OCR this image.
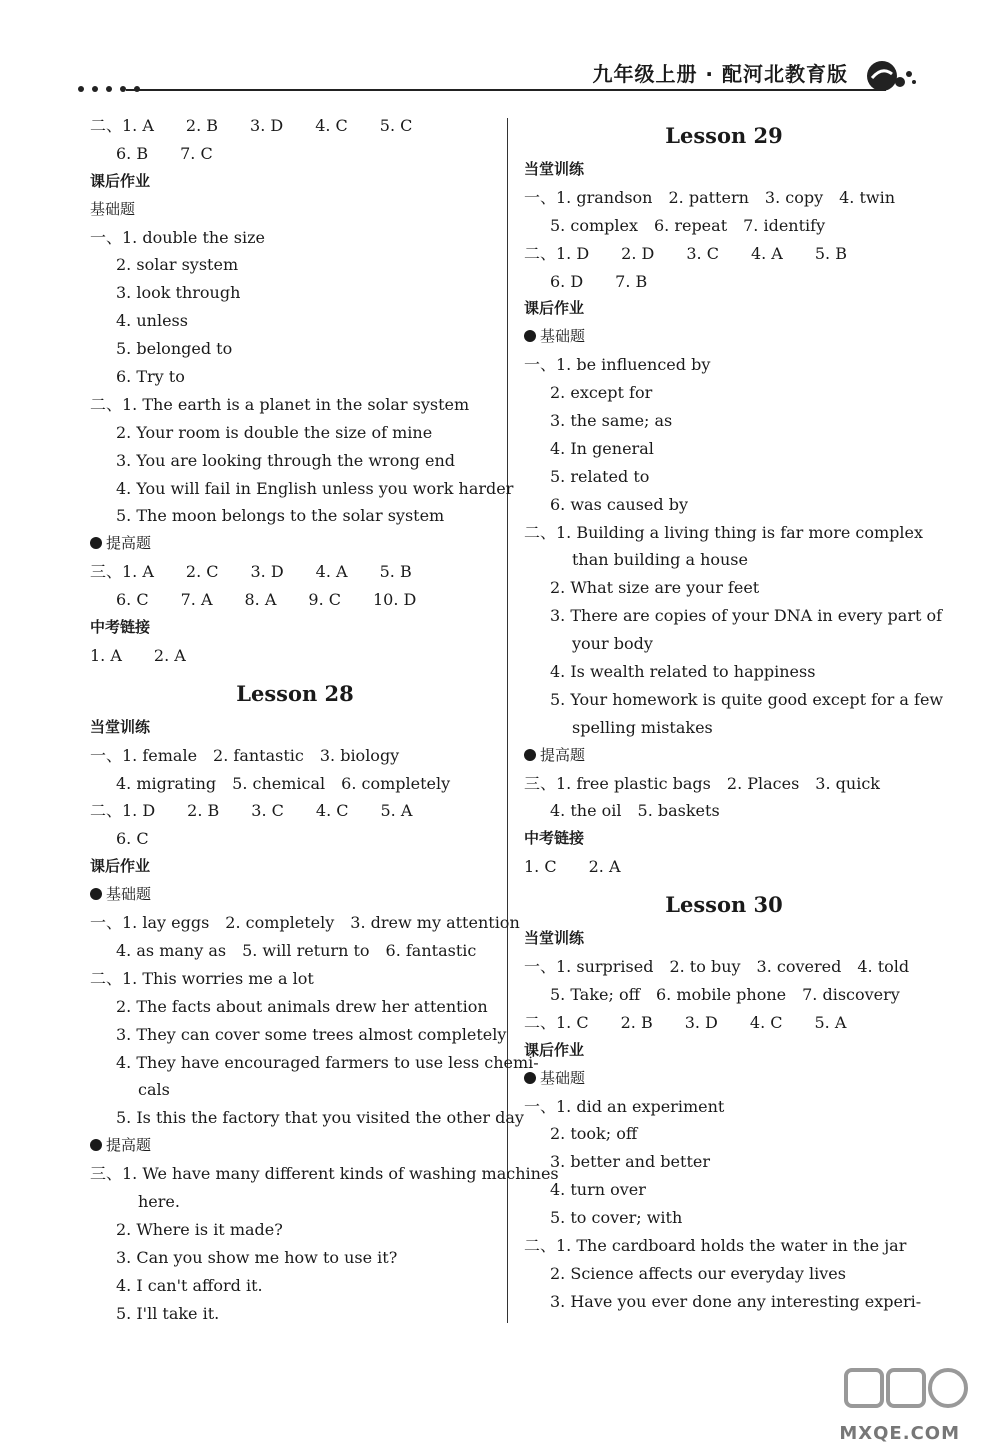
九年级上册 · 配河北教育版
二、1. A　　2. B　　3. D　　4. C　　5. C
6. B　　7. C
课后作业
基础题
一、1. double the size
2. solar system
3. look through
4. unless
5. belonged to
6. Try to
二、1. The earth is a planet in the solar system
2. Your room is double the size of mine
3. You are looking through the wrong end
4. You will fail in English unless you work harder
5. The moon belongs to the solar system
提高题
三、1. A　　2. C　　3. D　　4. A　　5. B
6. C　　7. A　　8. A　　9. C　　10. D
中考链接
1. A　　2. A
Lesson 28
当堂训练
一、1. female　2. fantastic　3. biology
4. migrating　5. chemical　6. completely
二、1. D　　2. B　　3. C　　4. C　　5. A
6. C
课后作业
基础题
一、1. lay eggs　2. completely　3. drew my attention
4. as many as　5. will return to　6. fantastic
二、1. This worries me a lot
2. The facts about animals drew her attention
3. They can cover some trees almost completely
4. They have encouraged farmers to use less chemi-
cals
5. Is this the factory that you visited the other day
提高题
三、1. We have many different kinds of washing machines
here.
2. Where is it made?
3. Can you show me how to use it?
4. I can't afford it.
5. I'll take it.
Lesson 29
当堂训练
一、1. grandson　2. pattern　3. copy　4. twin
5. complex　6. repeat　7. identify
二、1. D　　2. D　　3. C　　4. A　　5. B
6. D　　7. B
课后作业
基础题
一、1. be influenced by
2. except for
3. the same; as
4. In general
5. related to
6. was caused by
二、1. Building a living thing is far more complex
than building a house
2. What size are your feet
3. There are copies of your DNA in every part of
your body
4. Is wealth related to happiness
5. Your homework is quite good except for a few
spelling mistakes
提高题
三、1. free plastic bags　2. Places　3. quick
4. the oil　5. baskets
中考链接
1. C　　2. A
Lesson 30
当堂训练
一、1. surprised　2. to buy　3. covered　4. told
5. Take; off　6. mobile phone　7. discovery
二、1. C　　2. B　　3. D　　4. C　　5. A
课后作业
基础题
一、1. did an experiment
2. took; off
3. better and better
4. turn over
5. to cover; with
二、1. The cardboard holds the water in the jar
2. Science affects our everyday lives
3. Have you ever done any interesting experi-
MXQE.COM
